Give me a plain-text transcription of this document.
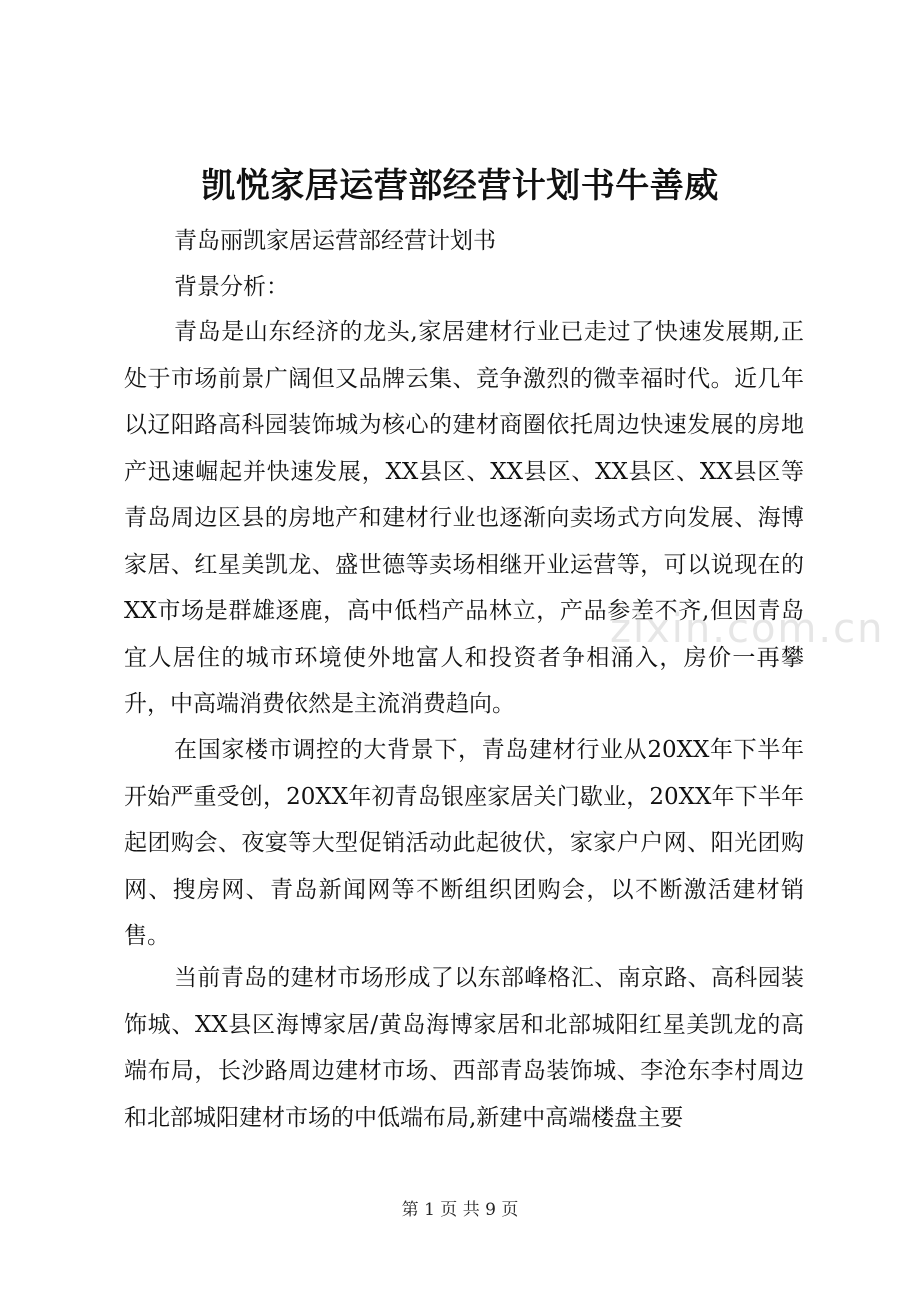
凯悦家居运营部经营计划书牛善威
青岛丽凯家居运营部经营计划书
背景分析：

青岛是山东经济的龙头,家居建材行业已走过了快速发展期,正处于市场前景广阔但又品牌云集、竞争激烈的微幸福时代。近几年以辽阳路高科园装饰城为核心的建材商圈依托周边快速发展的房地产迅速崛起并快速发展，XX县区、XX县区、XX县区、XX县区等青岛周边区县的房地产和建材行业也逐渐向卖场式方向发展、海博家居、红星美凯龙、盛世德等卖场相继开业运营等，可以说现在的XX市场是群雄逐鹿，高中低档产品林立，产品参差不齐,但因青岛宜人居住的城市环境使外地富人和投资者争相涌入，房价一再攀升，中高端消费依然是主流消费趋向。

在国家楼市调控的大背景下，青岛建材行业从20XX年下半年开始严重受创，20XX年初青岛银座家居关门歇业，20XX年下半年起团购会、夜宴等大型促销活动此起彼伏，家家户户网、阳光团购网、搜房网、青岛新闻网等不断组织团购会，以不断激活建材销售。

当前青岛的建材市场形成了以东部峰格汇、南京路、高科园装饰城、XX县区海博家居/黄岛海博家居和北部城阳红星美凯龙的高端布局，长沙路周边建材市场、西部青岛装饰城、李沧东李村周边和北部城阳建材市场的中低端布局,新建中高端楼盘主要

zixin.com.cn
第 1 页 共 9 页
